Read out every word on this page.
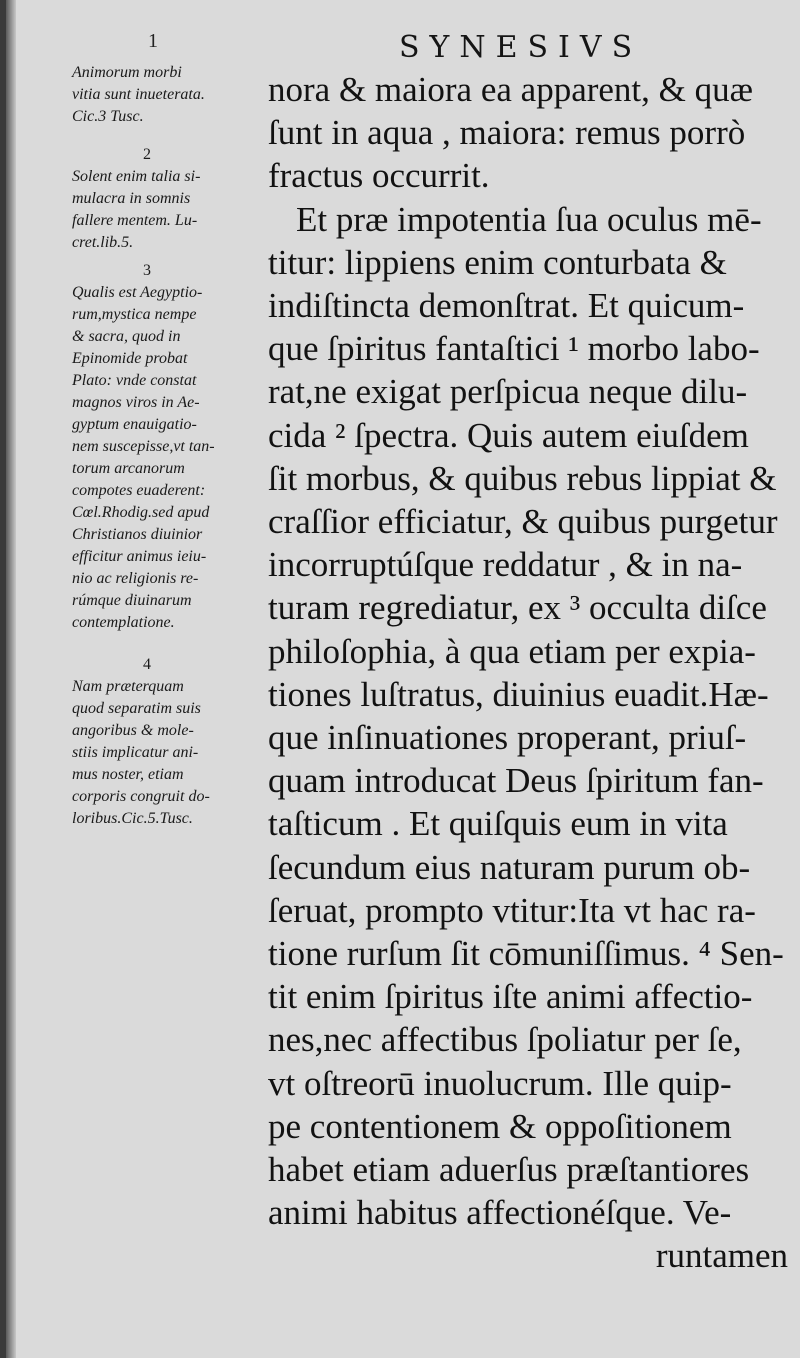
1	SYNESIVS
Animorum morbi
vitia sunt inueterata.
Cic.3 Tusc.
2
Solent enim talia si-
mulacra in somnis
fallere mentem. Lu-
cret.lib.5.
3
Qualis est Aegyptio-
rum,mystica nempe
& sacra, quod in
Epinomide probat
Plato: vnde constat
magnos viros in Ae-
gyptum enauigatio-
nem suscepisse,vt tan-
torum arcanorum
compotes euaderent:
Cœl.Rhodig.sed apud
Christianos diuinior
efficitur animus ieiu-
nio ac religionis re-
rúmque diuinarum
contemplatione.
4
Nam præterquam
quod separatim suis
angoribus & mole-
stiis implicatur ani-
mus noster, etiam
corporis congruit do-
loribus.Cic.5.Tusc.
nora & maiora ea apparent, & quæ
ſunt in aqua , maiora: remus porrò
fractus occurrit.
Et præ impotentia ſua oculus mē-
titur: lippiens enim conturbata &
indiſtincta demonſtrat. Et quicum-
que ſpiritus fantaſtici ¹ morbo labo-
rat,ne exigat perſpicua neque dilu-
cida ² ſpectra. Quis autem eiuſdem
ſit morbus, & quibus rebus lippiat &
craſſior efficiatur, & quibus purgetur
incorruptúſque reddatur , & in na-
turam regrediatur, ex ³ occulta diſce
philoſophia, à qua etiam per expia-
tiones luſtratus, diuinius euadit.Hæ-
que inſinuationes properant, priuſ-
quam introducat Deus ſpiritum fan-
taſticum . Et quiſquis eum in vita
ſecundum eius naturam purum ob-
ſeruat, prompto vtitur:Ita vt hac ra-
tione rurſum ſit cōmuniſſimus. ⁴ Sen-
tit enim ſpiritus iſte animi affectio-
nes,nec affectibus ſpoliatur per ſe,
vt oſtreorū inuolucrum. Ille quip-
pe contentionem & oppoſitionem
habet etiam aduerſus præſtantiores
animi habitus affectionéſque. Ve-
runtamen
